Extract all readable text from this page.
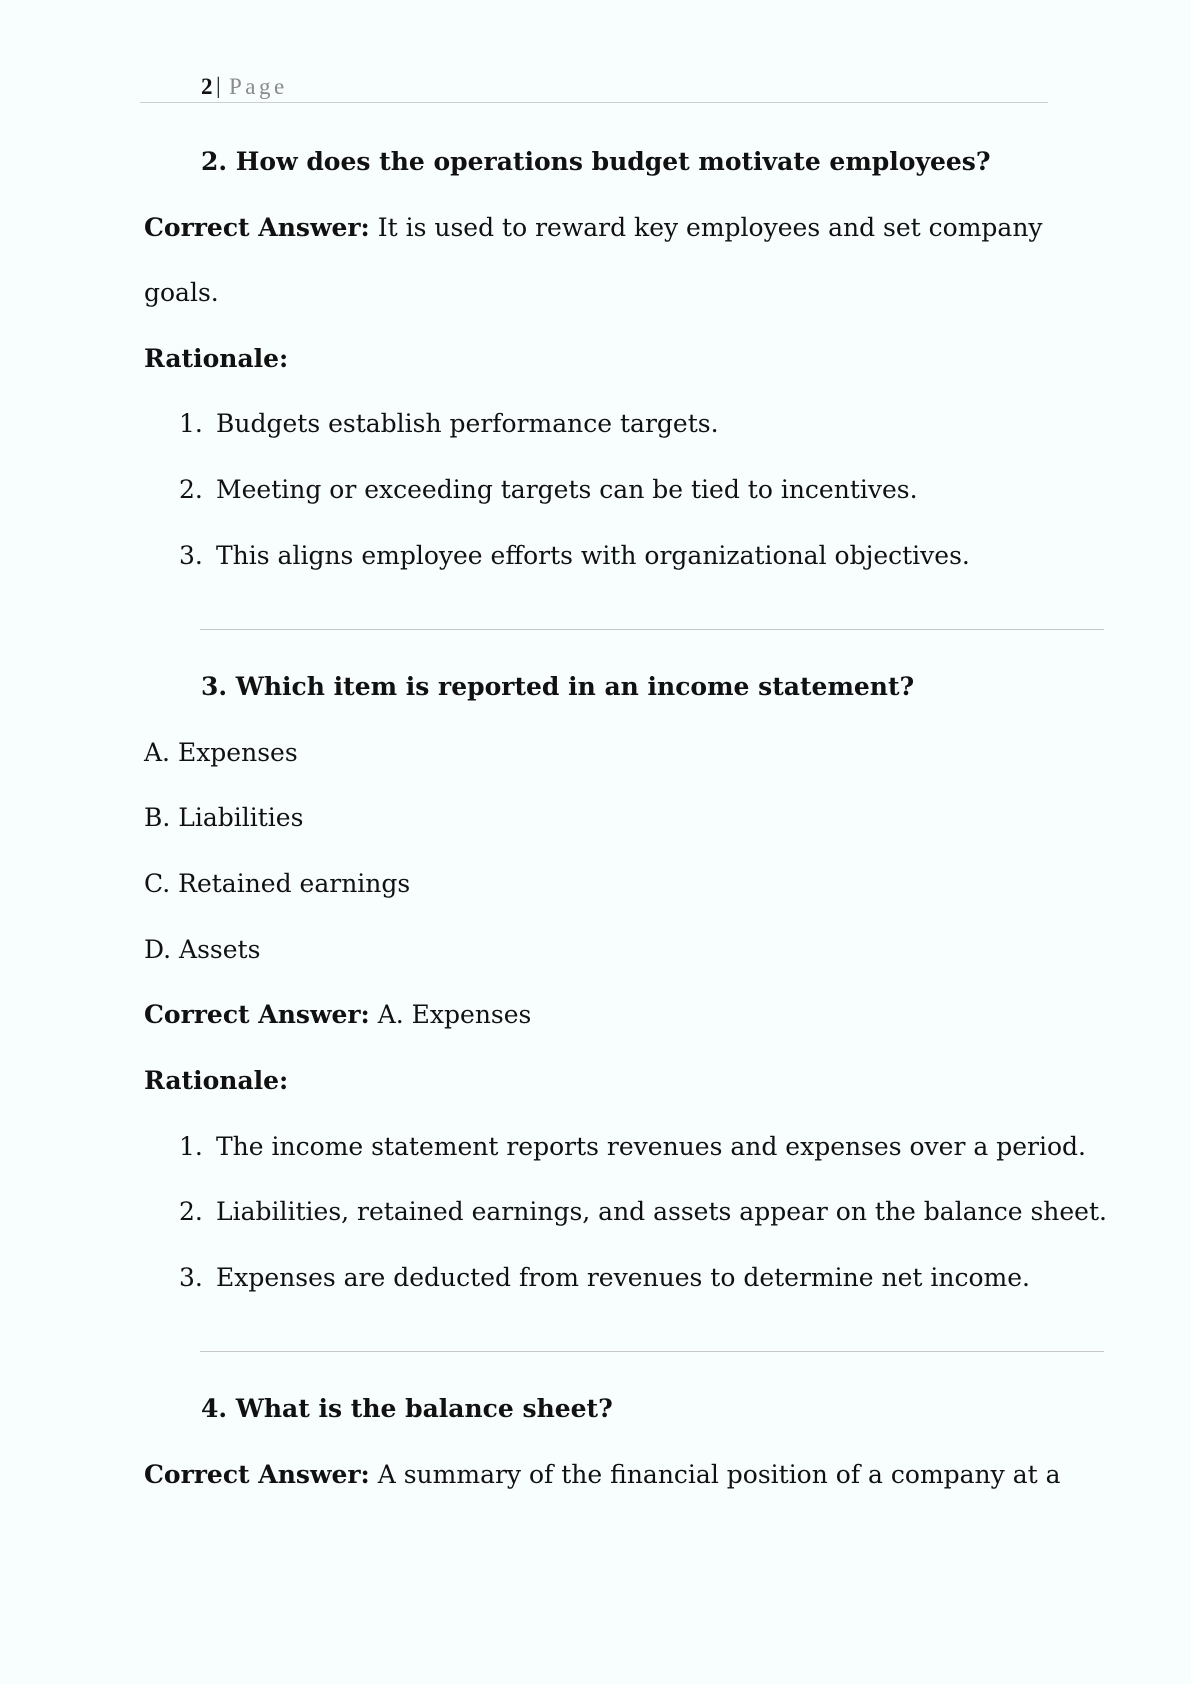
2 | Page
2. How does the operations budget motivate employees?
Correct Answer: It is used to reward key employees and set company
goals.
Rationale:
1. Budgets establish performance targets.
2. Meeting or exceeding targets can be tied to incentives.
3. This aligns employee efforts with organizational objectives.
3. Which item is reported in an income statement?
A. Expenses
B. Liabilities
C. Retained earnings
D. Assets
Correct Answer: A. Expenses
Rationale:
1. The income statement reports revenues and expenses over a period.
2. Liabilities, retained earnings, and assets appear on the balance sheet.
3. Expenses are deducted from revenues to determine net income.
4. What is the balance sheet?
Correct Answer: A summary of the financial position of a company at a
